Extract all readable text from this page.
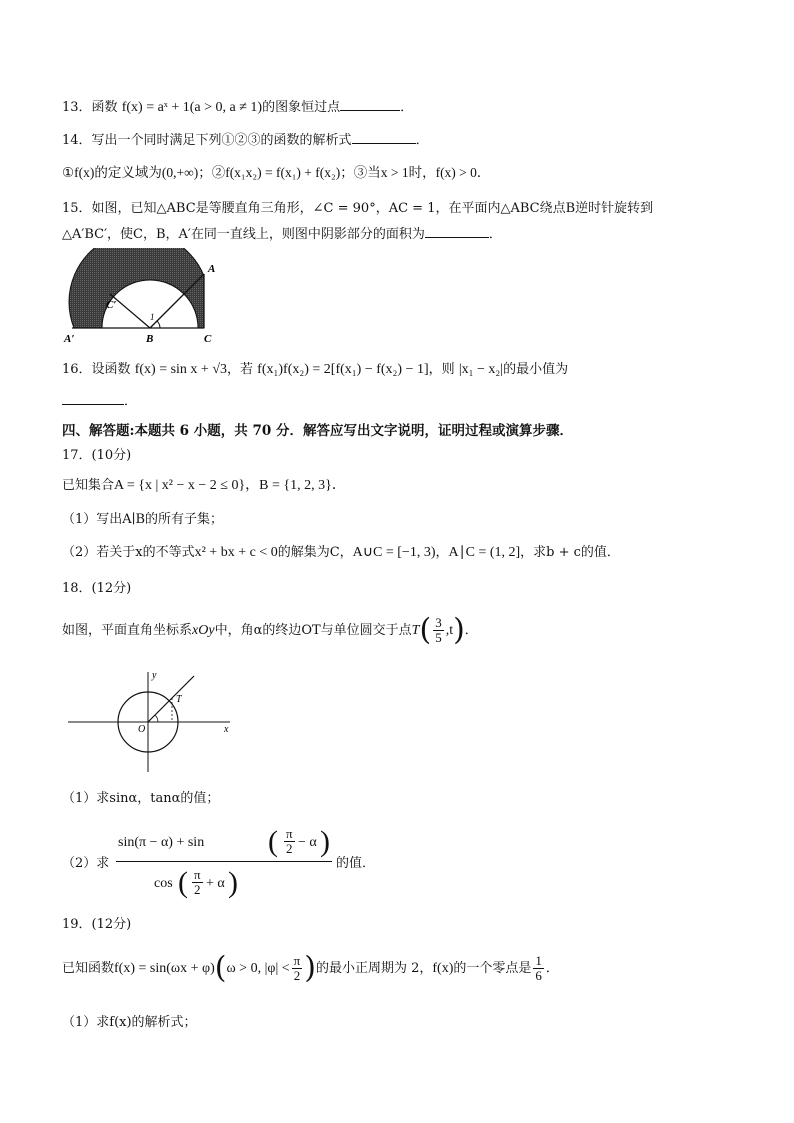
13．函数 f(x) = aˣ + 1(a > 0, a ≠ 1)的图象恒过点	．
14．写出一个同时满足下列①②③的函数的解析式	．
①f(x)的定义域为(0,+∞)；②f(x₁x₂) = f(x₁) + f(x₂)；③当x > 1时，f(x) > 0．
15．如图，已知△ABC是等腰直角三角形，∠C = 90°，AC = 1，在平面内△ABC绕点B逆时针旋转到
△A′BC′，使C，B，A′在同一直线上，则图中阴影部分的面积为	．
A
A′	B	C
C′
1
16．设函数 f(x) = sin x + √3，若 f(x₁)f(x₂) = 2[f(x₁) − f(x₂) − 1]，则 |x₁ − x₂|的最小值为
．
四、解答题:本题共 6 小题，共 70 分．解答应写出文字说明，证明过程或演算步骤．
17．(10分)
已知集合A = {x | x² − x − 2 ≤ 0}，B = {1, 2, 3}．
（1）写出A∣B的所有子集；
（2）若关于x的不等式x² + bx + c < 0的解集为C，A∪C = [−1, 3)，A∣C = (1, 2]，求b + c的值．
18．(12分)
如图，平面直角坐标系xOy中，角α的终边OT与单位圆交于点$T( \frac{3}{5} ,t)$．
y
x
O
T
（1）求sinα，tanα的值；
（2）求
sin(π − α) + sin ( $\frac{\pi}{2} - \alpha$ )
cos ( $\frac{\pi}{2} + \alpha$ )
的值．
19．(12分)
已知函数f(x) = sin(ωx + φ)(ω > 0, $|\varphi| < \frac{\pi}{2}$ )的最小正周期为 2，f(x)的一个零点是 $\frac{1}{6}$ ．
（1）求f(x)的解析式；
